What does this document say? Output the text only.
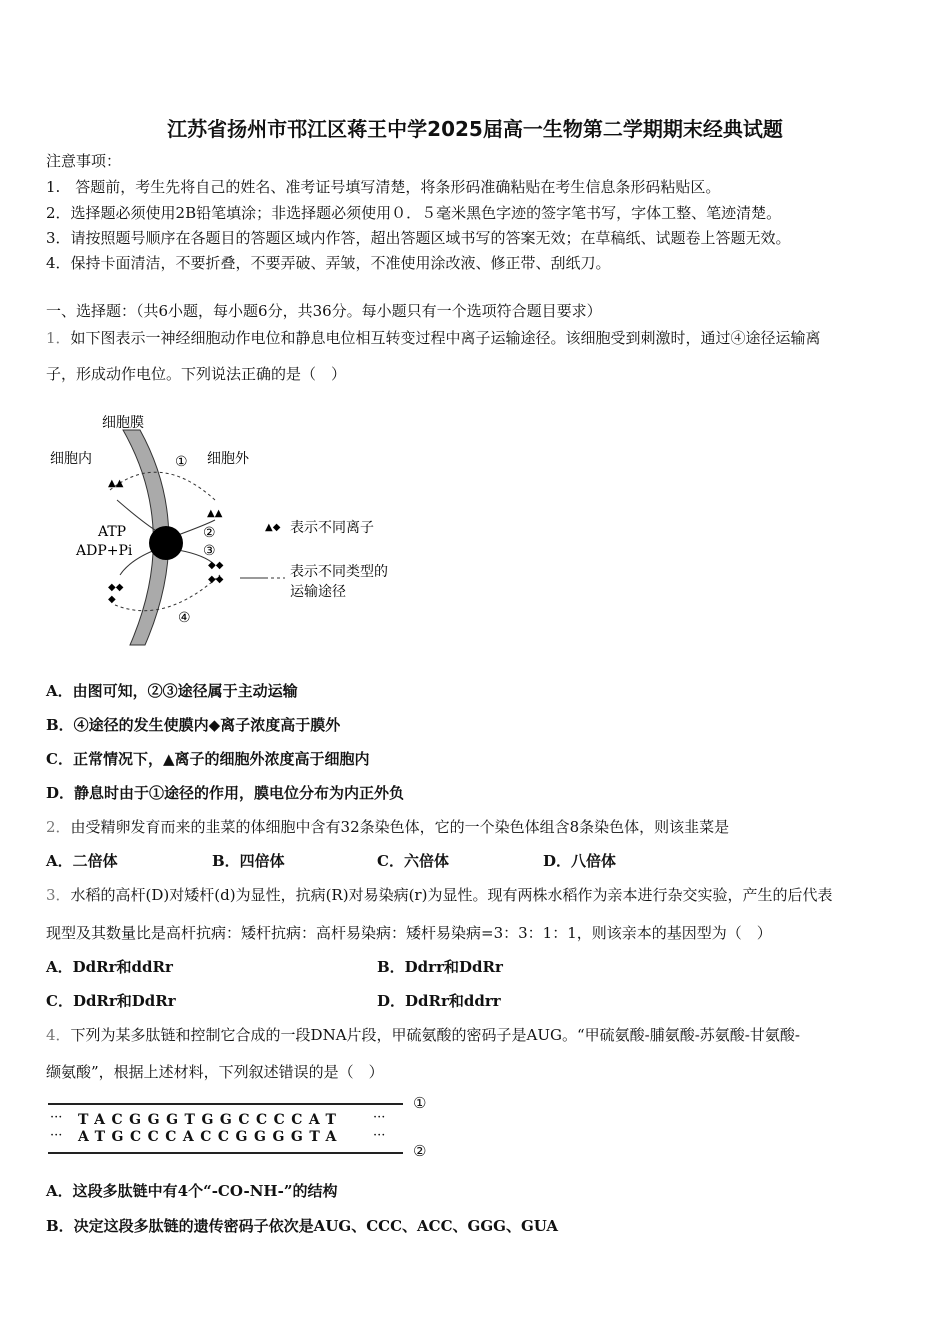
江苏省扬州市邗江区蒋王中学2025届高一生物第二学期期末经典试题
注意事项：
1.　答题前，考生先将自己的姓名、准考证号填写清楚，将条形码准确粘贴在考生信息条形码粘贴区。
2．选择题必须使用2B铅笔填涂；非选择题必须使用０．５毫米黑色字迹的签字笔书写，字体工整、笔迹清楚。
3．请按照题号顺序在各题目的答题区域内作答，超出答题区域书写的答案无效；在草稿纸、试题卷上答题无效。
4．保持卡面清洁，不要折叠，不要弄破、弄皱，不准使用涂改液、修正带、刮纸刀。
一、选择题：（共6小题，每小题6分，共36分。每小题只有一个选项符合题目要求）
1．如下图表示一神经细胞动作电位和静息电位相互转变过程中离子运输途径。该细胞受到刺激时，通过④途径运输离
子，形成动作电位。下列说法正确的是（　）
▲▲
▲▲
◆◆
◆◆
◆◆
◆
▲◆
细胞膜
细胞内	细胞外
①
②
③
④
ATP
ADP+Pi
表示不同离子
表示不同类型的
运输途径
A．由图可知，②③途径属于主动运输
B．④途径的发生使膜内◆离子浓度高于膜外
C．正常情况下，▲离子的细胞外浓度高于细胞内
D．静息时由于①途径的作用，膜电位分布为内正外负
2．由受精卵发育而来的韭菜的体细胞中含有32条染色体，它的一个染色体组含8条染色体，则该韭菜是
A．二倍体	B．四倍体	C．六倍体	D．八倍体
3．水稻的高杆(D)对矮杆(d)为显性，抗病(R)对易染病(r)为显性。现有两株水稻作为亲本进行杂交实验，产生的后代表
现型及其数量比是高杆抗病：矮杆抗病：高杆易染病：矮杆易染病=3：3：1：1，则该亲本的基因型为（　）
A．DdRr和ddRr	B．Ddrr和DdRr
C．DdRr和DdRr	D．DdRr和ddrr
4．下列为某多肽链和控制它合成的一段DNA片段，甲硫氨酸的密码子是AUG。“甲硫氨酸-脯氨酸-苏氨酸-甘氨酸-
缬氨酸”，根据上述材料，下列叙述错误的是（　）
①
②
···
···
···
···
TACGGGTGGCCCCAT
ATGCCCACCGGGGTA
A．这段多肽链中有4个“-CO-NH-”的结构
B．决定这段多肽链的遗传密码子依次是AUG、CCC、ACC、GGG、GUA
